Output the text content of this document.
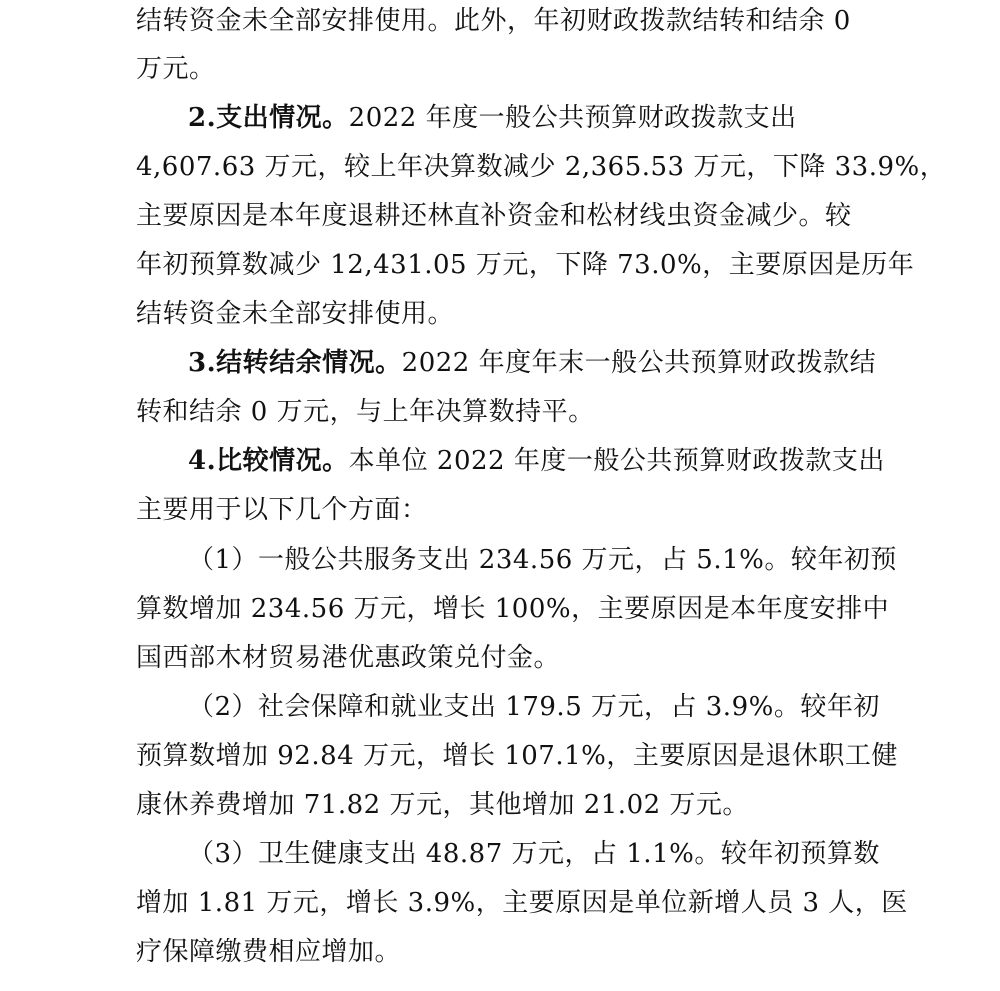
结转资金未全部安排使用。此外，年初财政拨款结转和结余 0
万元。
2.支出情况。2022 年度一般公共预算财政拨款支出
4,607.63 万元，较上年决算数减少 2,365.53 万元，下降 33.9%，
主要原因是本年度退耕还林直补资金和松材线虫资金减少。较
年初预算数减少 12,431.05 万元，下降 73.0%，主要原因是历年
结转资金未全部安排使用。
3.结转结余情况。2022 年度年末一般公共预算财政拨款结
转和结余 0 万元，与上年决算数持平。
4.比较情况。本单位 2022 年度一般公共预算财政拨款支出
主要用于以下几个方面：
（1）一般公共服务支出 234.56 万元，占 5.1%。较年初预
算数增加 234.56 万元，增长 100%，主要原因是本年度安排中
国西部木材贸易港优惠政策兑付金。
（2）社会保障和就业支出 179.5 万元，占 3.9%。较年初
预算数增加 92.84 万元，增长 107.1%，主要原因是退休职工健
康休养费增加 71.82 万元，其他增加 21.02 万元。
（3）卫生健康支出 48.87 万元，占 1.1%。较年初预算数
增加 1.81 万元，增长 3.9%，主要原因是单位新增人员 3 人，医
疗保障缴费相应增加。
